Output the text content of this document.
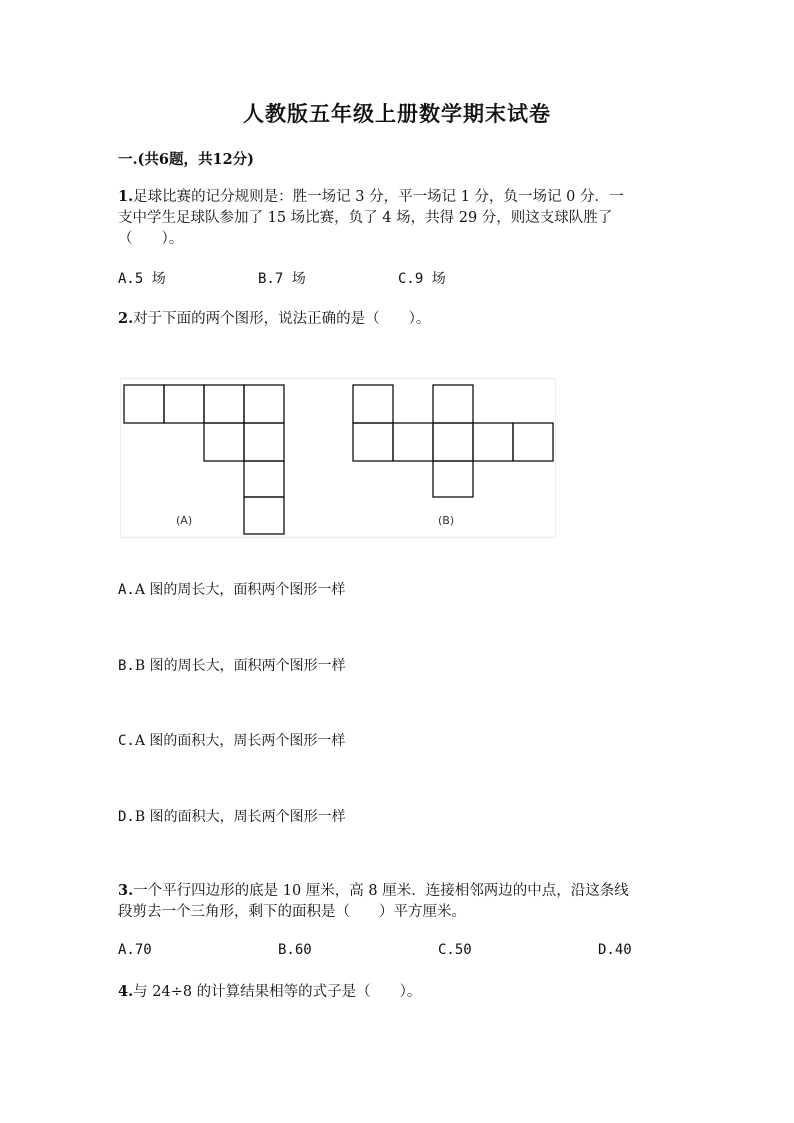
人教版五年级上册数学期末试卷
一.(共6题，共12分)
1.足球比赛的记分规则是：胜一场记 3 分，平一场记 1 分，负一场记 0 分．一
支中学生足球队参加了 15 场比赛，负了 4 场，共得 29 分，则这支球队胜了
（　　）。
A.5 场	B.7 场	C.9 场
2.对于下面的两个图形，说法正确的是（　　）。
(A)	(B)
A.A 图的周长大，面积两个图形一样
B.B 图的周长大，面积两个图形一样
C.A 图的面积大，周长两个图形一样
D.B 图的面积大，周长两个图形一样
3.一个平行四边形的底是 10 厘米，高 8 厘米．连接相邻两边的中点，沿这条线
段剪去一个三角形，剩下的面积是（　　）平方厘米。
A.70	B.60	C.50	D.40
4.与 24÷8 的计算结果相等的式子是（　　）。
